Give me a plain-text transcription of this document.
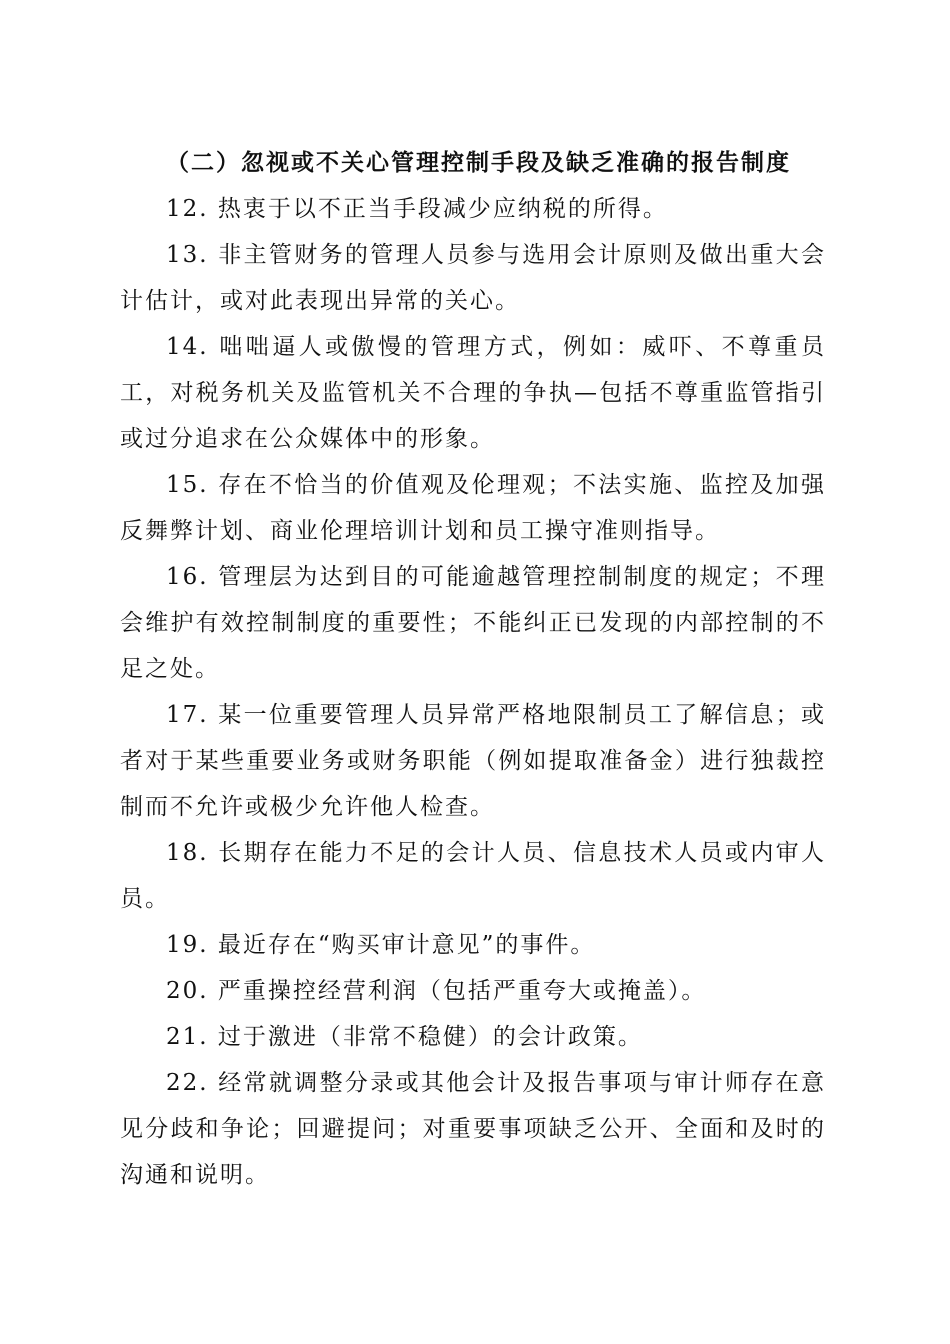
（二）忽视或不关心管理控制手段及缺乏准确的报告制度

12. 热衷于以不正当手段减少应纳税的所得。

13. 非主管财务的管理人员参与选用会计原则及做出重大会计估计，或对此表现出异常的关心。

14. 咄咄逼人或傲慢的管理方式，例如：威吓、不尊重员工，对税务机关及监管机关不合理的争执—包括不尊重监管指引或过分追求在公众媒体中的形象。

15. 存在不恰当的价值观及伦理观；不法实施、监控及加强反舞弊计划、商业伦理培训计划和员工操守准则指导。

16. 管理层为达到目的可能逾越管理控制制度的规定；不理会维护有效控制制度的重要性；不能纠正已发现的内部控制的不足之处。

17. 某一位重要管理人员异常严格地限制员工了解信息；或者对于某些重要业务或财务职能（例如提取准备金）进行独裁控制而不允许或极少允许他人检查。

18. 长期存在能力不足的会计人员、信息技术人员或内审人员。

19. 最近存在“购买审计意见”的事件。

20. 严重操控经营利润（包括严重夸大或掩盖）。

21. 过于激进（非常不稳健）的会计政策。

22. 经常就调整分录或其他会计及报告事项与审计师存在意见分歧和争论；回避提问；对重要事项缺乏公开、全面和及时的沟通和说明。
